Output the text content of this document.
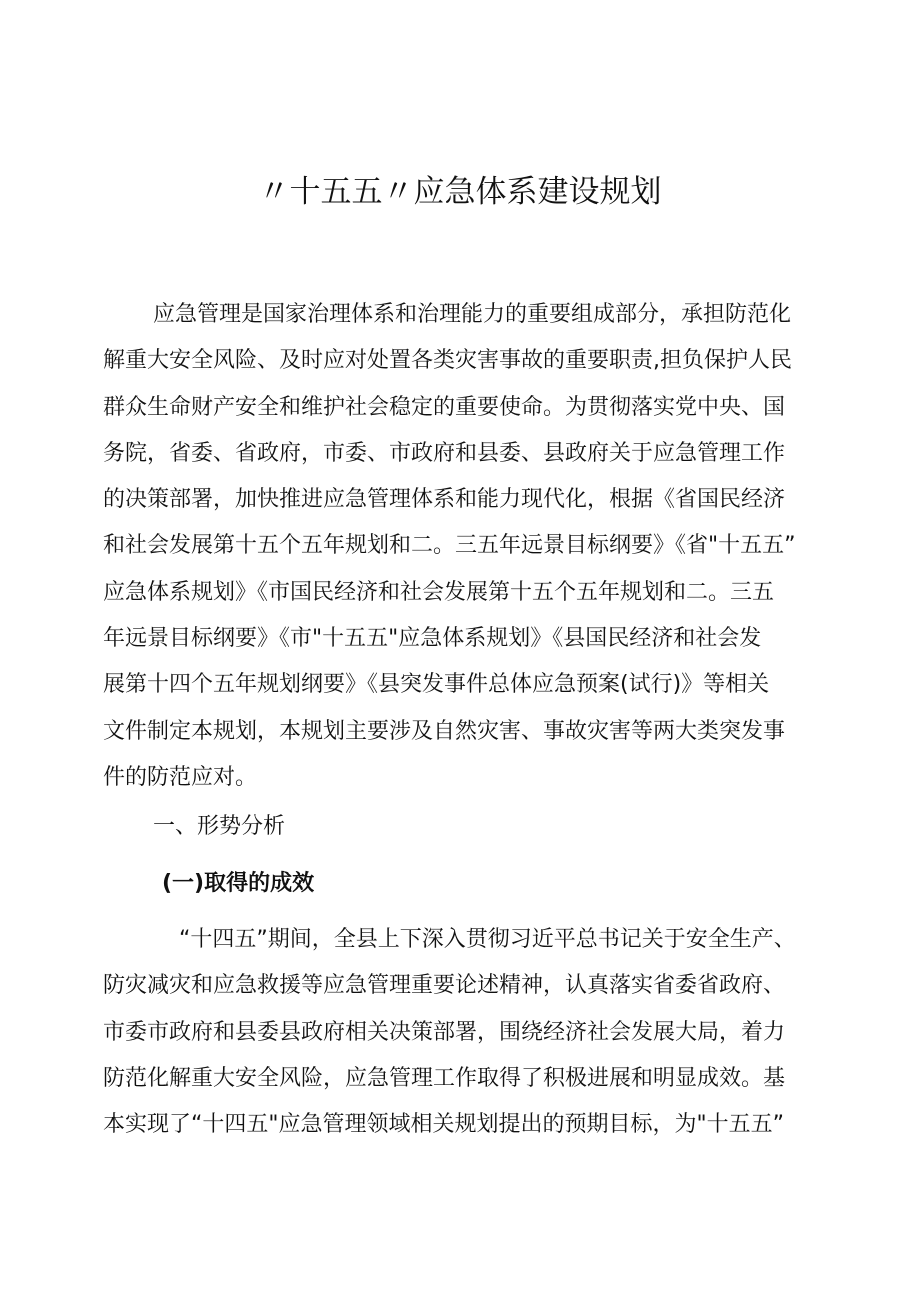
〃十五五〃应急体系建设规划
应急管理是国家治理体系和治理能力的重要组成部分，承担防范化
解重大安全风险、及时应对处置各类灾害事故的重要职责,担负保护人民
群众生命财产安全和维护社会稳定的重要使命。为贯彻落实党中央、国
务院，省委、省政府，市委、市政府和县委、县政府关于应急管理工作
的决策部署，加快推进应急管理体系和能力现代化，根据《省国民经济
和社会发展第十五个五年规划和二。三五年远景目标纲要》《省"十五五”
应急体系规划》《市国民经济和社会发展第十五个五年规划和二。三五
年远景目标纲要》《市"十五五"应急体系规划》《县国民经济和社会发
展第十四个五年规划纲要》《县突发事件总体应急预案(试行)》等相关
文件制定本规划，本规划主要涉及自然灾害、事故灾害等两大类突发事
件的防范应对。
一、形势分析
(一)取得的成效
“十四五”期间，全县上下深入贯彻习近平总书记关于安全生产、
防灾减灾和应急救援等应急管理重要论述精神，认真落实省委省政府、
市委市政府和县委县政府相关决策部署，围绕经济社会发展大局，着力
防范化解重大安全风险，应急管理工作取得了积极进展和明显成效。基
本实现了“十四五"应急管理领域相关规划提出的预期目标，为"十五五”
